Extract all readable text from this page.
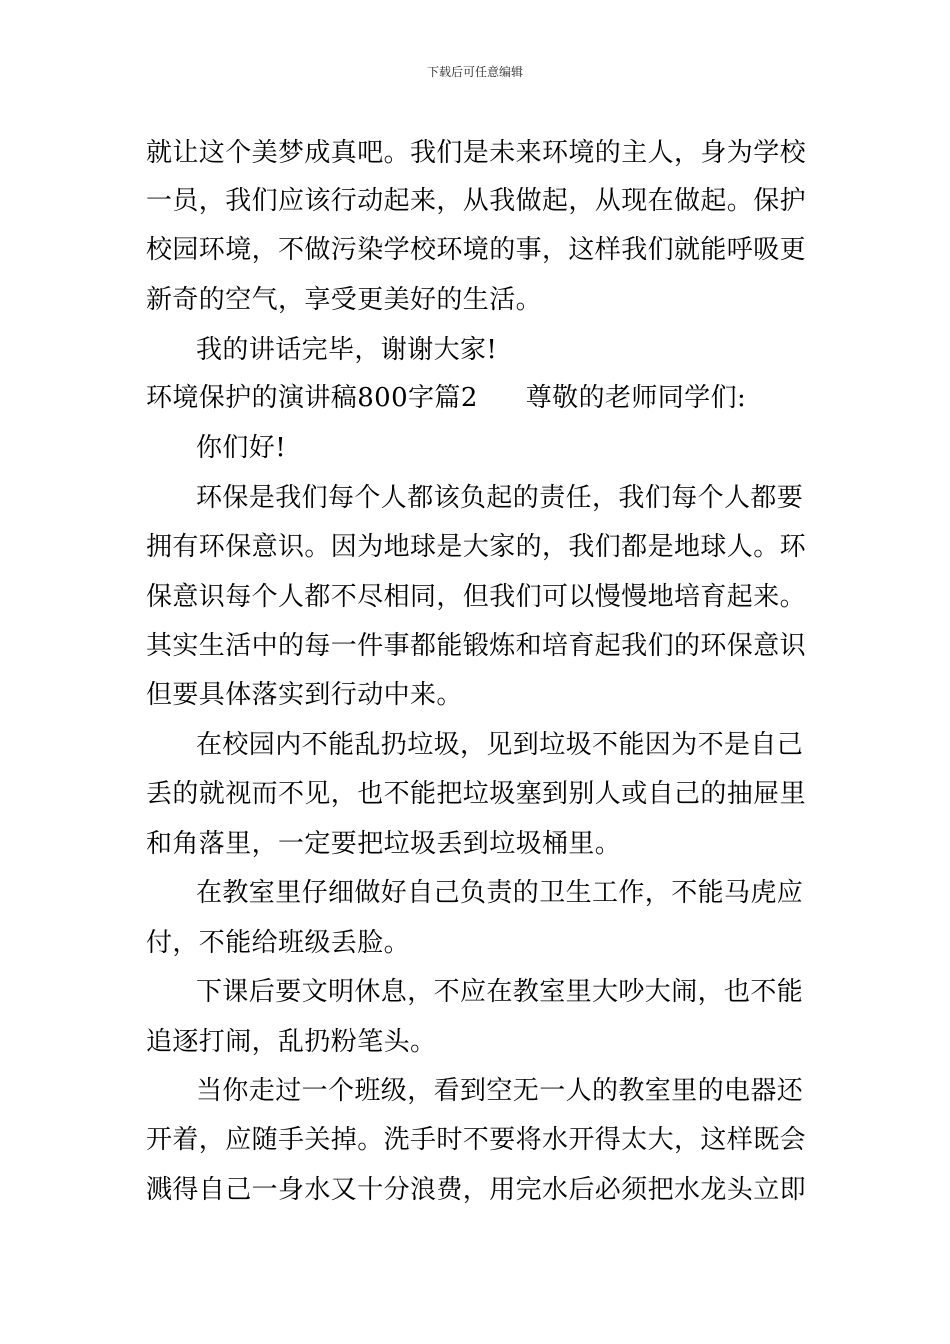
下载后可任意编辑
就让这个美梦成真吧。我们是未来环境的主人，身为学校
一员，我们应该行动起来，从我做起，从现在做起。保护
校园环境，不做污染学校环境的事，这样我们就能呼吸更
新奇的空气，享受更美好的生活。
我的讲话完毕，谢谢大家!
环境保护的演讲稿800字篇2 尊敬的老师同学们:
你们好!
环保是我们每个人都该负起的责任，我们每个人都要
拥有环保意识。因为地球是大家的，我们都是地球人。环
保意识每个人都不尽相同，但我们可以慢慢地培育起来。
其实生活中的每一件事都能锻炼和培育起我们的环保意识
但要具体落实到行动中来。
在校园内不能乱扔垃圾，见到垃圾不能因为不是自己
丢的就视而不见，也不能把垃圾塞到别人或自己的抽屉里
和角落里，一定要把垃圾丢到垃圾桶里。
在教室里仔细做好自己负责的卫生工作，不能马虎应
付，不能给班级丢脸。
下课后要文明休息，不应在教室里大吵大闹，也不能
追逐打闹，乱扔粉笔头。
当你走过一个班级，看到空无一人的教室里的电器还
开着，应随手关掉。洗手时不要将水开得太大，这样既会
溅得自己一身水又十分浪费，用完水后必须把水龙头立即
